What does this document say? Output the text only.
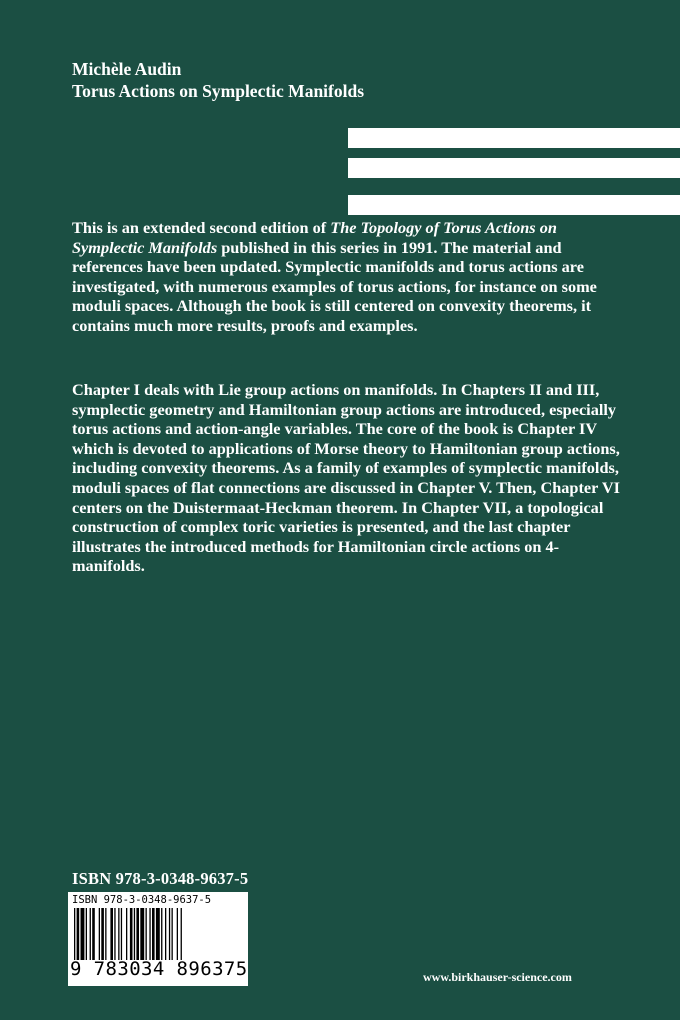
Michèle Audin
Torus Actions on Symplectic Manifolds

This is an extended second edition of The Topology of Torus Actions on Symplectic Manifolds published in this series in 1991. The material and references have been updated. Symplectic manifolds and torus actions are investigated, with numerous examples of torus actions, for instance on some moduli spaces. Although the book is still centered on convexity theorems, it contains much more results, proofs and examples.

Chapter I deals with Lie group actions on manifolds. In Chapters II and III, symplectic geometry and Hamiltonian group actions are introduced, especially torus actions and action-angle variables. The core of the book is Chapter IV which is devoted to applications of Morse theory to Hamiltonian group actions, including convexity theorems. As a family of examples of symplectic manifolds, moduli spaces of flat connections are discussed in Chapter V. Then, Chapter VI centers on the Duistermaat-Heckman theorem. In Chapter VII, a topological construction of complex toric varieties is presented, and the last chapter illustrates the introduced methods for Hamiltonian circle actions on 4-manifolds.

ISBN 978-3-0348-9637-5
ISBN 978-3-0348-9637-5
9 783034 896375	www.birkhauser-science.com
